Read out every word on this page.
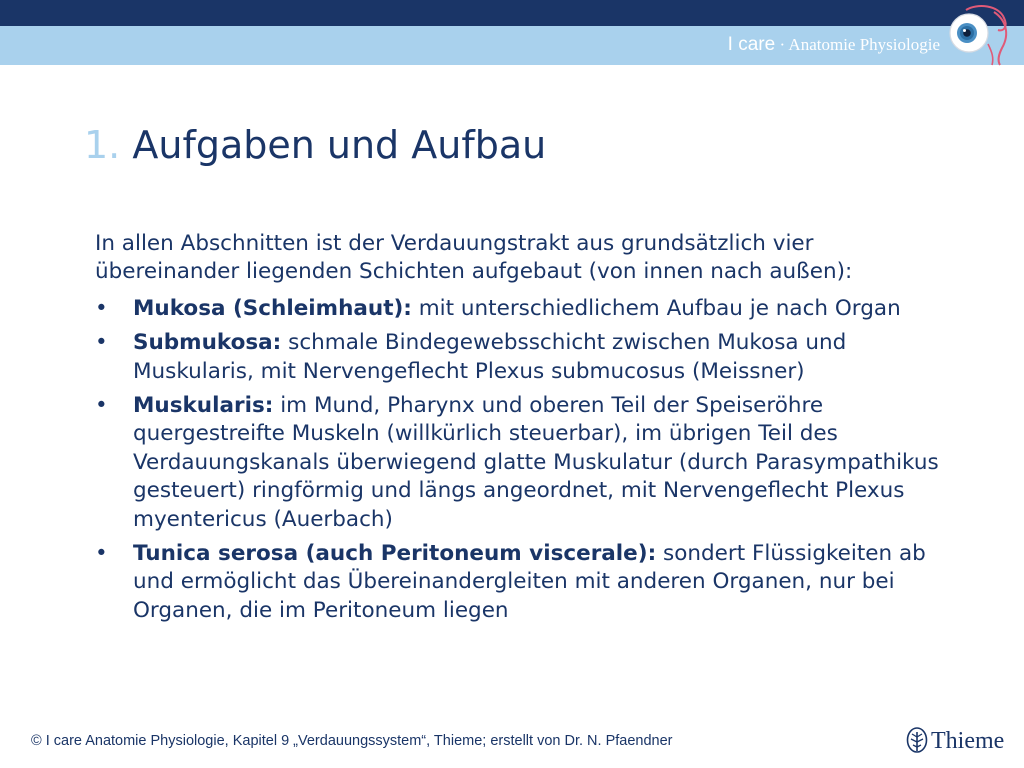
I care · Anatomie Physiologie
1. Aufgaben und Aufbau

In allen Abschnitten ist der Verdauungstrakt aus grundsätzlich vier übereinander liegenden Schichten aufgebaut (von innen nach außen):

• Mukosa (Schleimhaut): mit unterschiedlichem Aufbau je nach Organ
• Submukosa: schmale Bindegewebsschicht zwischen Mukosa und Muskularis, mit Nervengeflecht Plexus submucosus (Meissner)
• Muskularis: im Mund, Pharynx und oberen Teil der Speiseröhre quergestreifte Muskeln (willkürlich steuerbar), im übrigen Teil des Verdauungskanals überwiegend glatte Muskulatur (durch Parasympathikus gesteuert) ringförmig und längs angeordnet, mit Nervengeflecht Plexus myentericus (Auerbach)
• Tunica serosa (auch Peritoneum viscerale): sondert Flüssigkeiten ab und ermöglicht das Übereinandergleiten mit anderen Organen, nur bei Organen, die im Peritoneum liegen
© I care Anatomie Physiologie, Kapitel 9 „Verdauungssystem“, Thieme; erstellt von Dr. N. Pfaendner	Thieme
